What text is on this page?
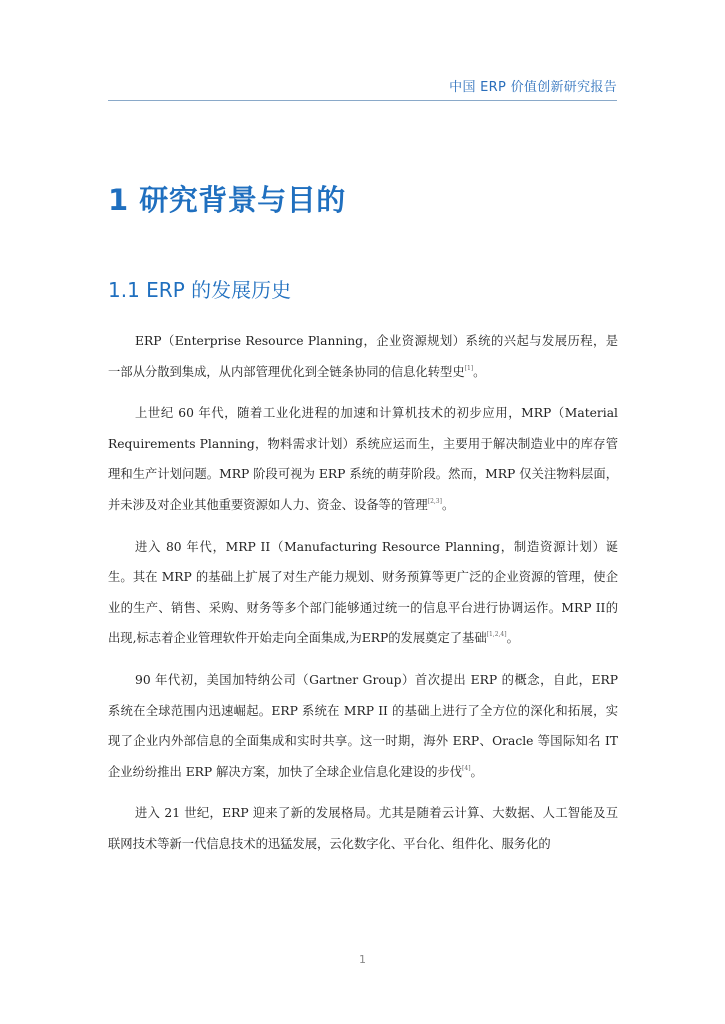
中国 ERP 价值创新研究报告
1 研究背景与目的
1.1 ERP 的发展历史

ERP（Enterprise Resource Planning，企业资源规划）系统的兴起与发展历程，是一部从分散到集成，从内部管理优化到全链条协同的信息化转型史[1]。

上世纪 60 年代，随着工业化进程的加速和计算机技术的初步应用，MRP（Material Requirements Planning，物料需求计划）系统应运而生，主要用于解决制造业中的库存管理和生产计划问题。MRP 阶段可视为 ERP 系统的萌芽阶段。然而，MRP 仅关注物料层面，并未涉及对企业其他重要资源如人力、资金、设备等的管理[2,3]。

进入 80 年代，MRP II（Manufacturing Resource Planning，制造资源计划）诞生。其在 MRP 的基础上扩展了对生产能力规划、财务预算等更广泛的企业资源的管理，使企业的生产、销售、采购、财务等多个部门能够通过统一的信息平台进行协调运作。MRP II的出现,标志着企业管理软件开始走向全面集成,为ERP的发展奠定了基础[1,2,4]。

90 年代初，美国加特纳公司（Gartner Group）首次提出 ERP 的概念，自此，ERP 系统在全球范围内迅速崛起。ERP 系统在 MRP II 的基础上进行了全方位的深化和拓展，实现了企业内外部信息的全面集成和实时共享。这一时期，海外 ERP、Oracle 等国际知名 IT 企业纷纷推出 ERP 解决方案，加快了全球企业信息化建设的步伐[4]。

进入 21 世纪，ERP 迎来了新的发展格局。尤其是随着云计算、大数据、人工智能及互联网技术等新一代信息技术的迅猛发展，云化数字化、平台化、组件化、服务化的

1
